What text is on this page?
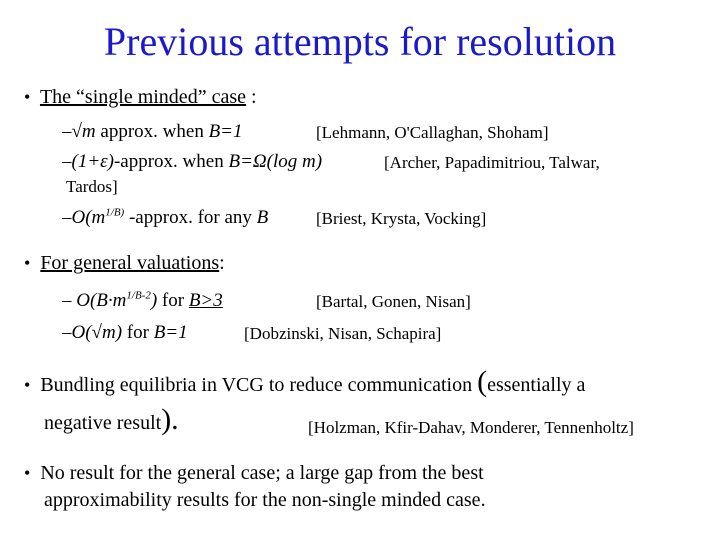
Previous attempts for resolution
• The “single minded” case :
–√m approx. when B=1	[Lehmann, O'Callaghan, Shoham]
–(1+ε)-approx. when B=Ω(log m)	[Archer, Papadimitriou, Talwar,
Tardos]
$-O(m^{1/B)}$ -approx. for any B	[Briest, Krysta, Vocking]
• For general valuations:
– $O(B\cdot m^{1/B-2})$ for B>3	[Bartal, Gonen, Nisan]
–O(√m) for B=1	[Dobzinski, Nisan, Schapira]
• Bundling equilibria in VCG to reduce communication (essentially a
negative result).	[Holzman, Kfir-Dahav, Monderer, Tennenholtz]
• No result for the general case; a large gap from the best
approximability results for the non-single minded case.
